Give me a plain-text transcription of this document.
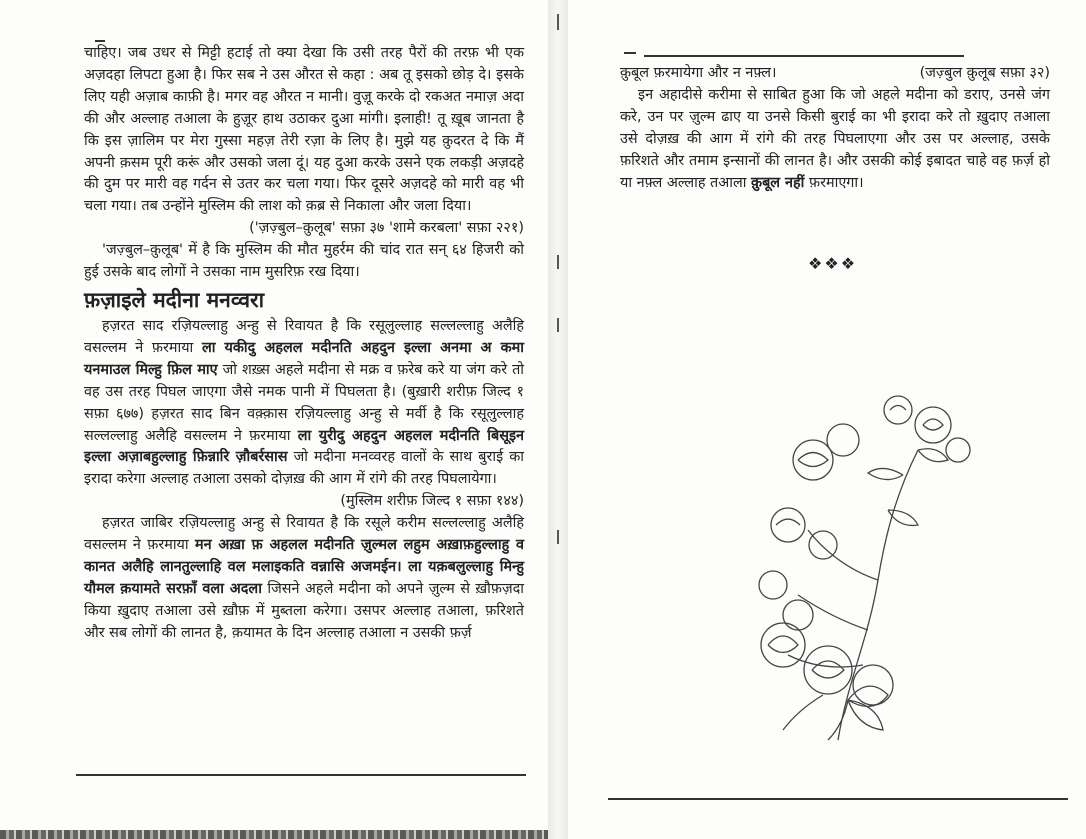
चाहिए। जब उधर से मिट्टी हटाई तो क्या देखा कि उसी तरह पैरों की तरफ़ भी एक अज़दहा लिपटा हुआ है। फिर सब ने उस औरत से कहा : अब तू इसको छोड़ दे। इसके लिए यही अज़ाब काफ़ी है। मगर वह औरत न मानी। वुज़ू करके दो रकअत नमाज़ अदा की और अल्लाह तआला के हुज़ूर हाथ उठाकर दुआ मांगी। इलाही! तू ख़ूब जानता है कि इस ज़ालिम पर मेरा गुस्सा महज़ तेरी रज़ा के लिए है। मुझे यह क़ुदरत दे कि मैं अपनी क़सम पूरी करूं और उसको जला दूं। यह दुआ करके उसने एक लकड़ी अज़दहे की दुम पर मारी वह गर्दन से उतर कर चला गया। फिर दूसरे अज़दहे को मारी वह भी चला गया। तब उन्होंने मुस्लिम की लाश को क़ब्र से निकाला और जला दिया।

('ज़ज़्बुल–क़ुलूब' सफ़ा ३७ 'शामे करबला' सफ़ा २२१)

'जज़्बुल–क़ुलूब' में है कि मुस्लिम की मौत मुहर्रम की चांद रात सन् ६४ हिजरी को हुई उसके बाद लोगों ने उसका नाम मुसरिफ़ रख दिया।

फ़ज़ाइले मदीना मनव्वरा

हज़रत साद रज़ियल्लाहु अन्हु से रिवायत है कि रसूलुल्लाह सल्लल्लाहु अलैहि वसल्लम ने फ़रमाया ला यकीदु अहलल मदीनति अहदुन इल्ला अनमा अ कमा यनमाउल मिल्हु फ़िल माए जो शख़्स अहले मदीना से मक्र व फ़रेब करे या जंग करे तो वह उस तरह पिघल जाएगा जैसे नमक पानी में पिघलता है। (बुख़ारी शरीफ़ जिल्द १ सफ़ा ६७७) हज़रत साद बिन वक़्क़ास रज़ियल्लाहु अन्हु से मर्वी है कि रसूलुल्लाह सल्लल्लाहु अलैहि वसल्लम ने फ़रमाया ला युरीदु अहदुन अहलल मदीनति बिसूइन इल्ला अज़ाबहुल्लाहु फ़िन्नारि ज़ौबर्रसास जो मदीना मनव्वरह वालों के साथ बुराई का इरादा करेगा अल्लाह तआला उसको दोज़ख़ की आग में रांगे की तरह पिघलायेगा।

(मुस्लिम शरीफ़ जिल्द १ सफ़ा १४४)

हज़रत जाबिर रज़ियल्लाहु अन्हु से रिवायत है कि रसूले करीम सल्लल्लाहु अलैहि वसल्लम ने फ़रमाया मन अख़ा फ़ अहलल मदीनति ज़ुल्मल लहुम अख़ाफ़हुल्लाहु व कानत अलैहि लानतुल्लाहि वल मलाइकति वन्नासि अजमईन। ला यक़बलुल्लाहु मिन्हु यौमल क़यामते सरफ़ाँ वला अदला जिसने अहले मदीना को अपने ज़ुल्म से ख़ौफ़ज़दा किया ख़ुदाए तआला उसे ख़ौफ़ में मुब्तला करेगा। उसपर अल्लाह तआला, फ़रिशते और सब लोगों की लानत है, क़यामत के दिन अल्लाह तआला न उसकी फ़र्ज़

क़ुबूल फ़रमायेगा और न नफ़्ल।	(जज़्बुल क़ुलूब सफ़ा ३२)

इन अहादीसे करीमा से साबित हुआ कि जो अहले मदीना को डराए, उनसे जंग करे, उन पर ज़ुल्म ढाए या उनसे किसी बुराई का भी इरादा करे तो ख़ुदाए तआला उसे दोज़ख़ की आग में रांगे की तरह पिघलाएगा और उस पर अल्लाह, उसके फ़रिशते और तमाम इन्सानों की लानत है। और उसकी कोई इबादत चाहे वह फ़र्ज़ हो या नफ़्ल अल्लाह तआला क़ुबूल नहीं फ़रमाएगा।

❖❖❖
